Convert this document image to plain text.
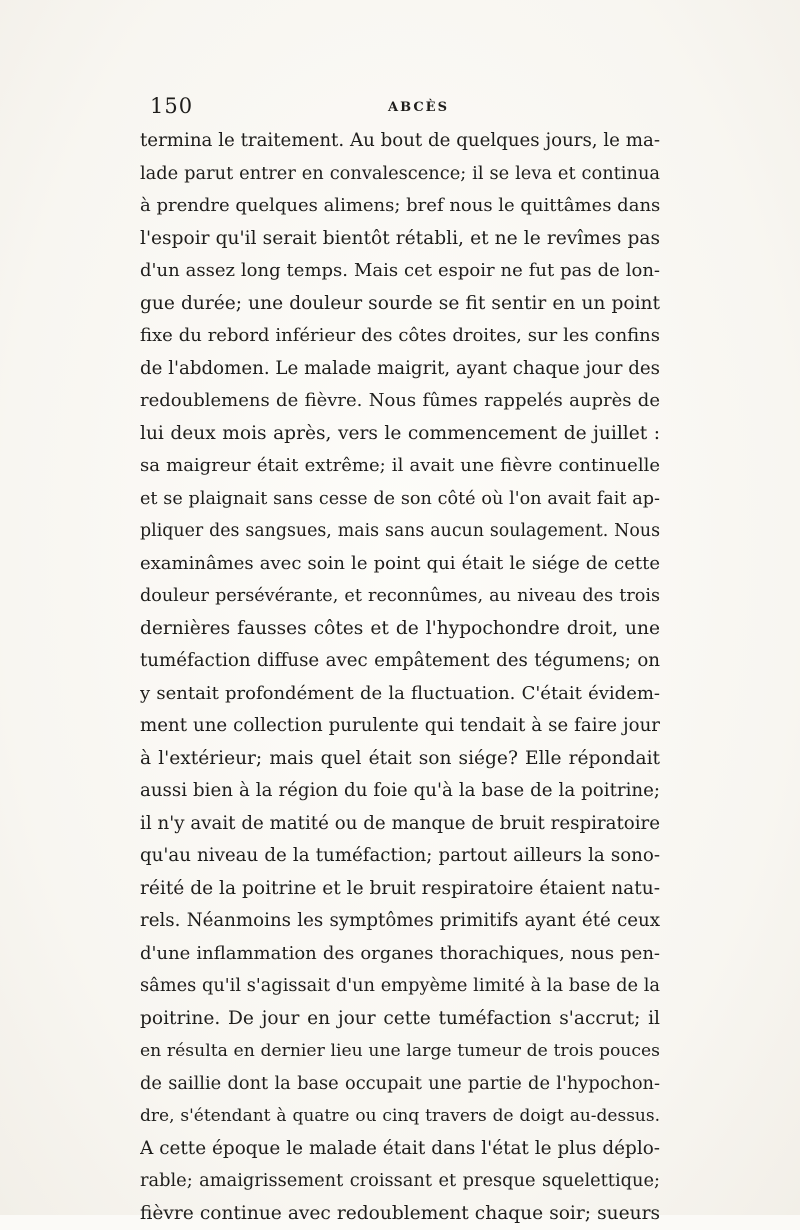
150	ABCÈS
termina le traitement. Au bout de quelques jours, le ma-
lade parut entrer en convalescence; il se leva et continua
à prendre quelques alimens; bref nous le quittâmes dans
l'espoir qu'il serait bientôt rétabli, et ne le revîmes pas
d'un assez long temps. Mais cet espoir ne fut pas de lon-
gue durée; une douleur sourde se fit sentir en un point
fixe du rebord inférieur des côtes droites, sur les confins
de l'abdomen. Le malade maigrit, ayant chaque jour des
redoublemens de fièvre. Nous fûmes rappelés auprès de
lui deux mois après, vers le commencement de juillet :
sa maigreur était extrême; il avait une fièvre continuelle
et se plaignait sans cesse de son côté où l'on avait fait ap-
pliquer des sangsues, mais sans aucun soulagement. Nous
examinâmes avec soin le point qui était le siége de cette
douleur persévérante, et reconnûmes, au niveau des trois
dernières fausses côtes et de l'hypochondre droit, une
tuméfaction diffuse avec empâtement des tégumens; on
y sentait profondément de la fluctuation. C'était évidem-
ment une collection purulente qui tendait à se faire jour
à l'extérieur; mais quel était son siége? Elle répondait
aussi bien à la région du foie qu'à la base de la poitrine;
il n'y avait de matité ou de manque de bruit respiratoire
qu'au niveau de la tuméfaction; partout ailleurs la sono-
réité de la poitrine et le bruit respiratoire étaient natu-
rels. Néanmoins les symptômes primitifs ayant été ceux
d'une inflammation des organes thorachiques, nous pen-
sâmes qu'il s'agissait d'un empyème limité à la base de la
poitrine. De jour en jour cette tuméfaction s'accrut; il
en résulta en dernier lieu une large tumeur de trois pouces
de saillie dont la base occupait une partie de l'hypochon-
dre, s'étendant à quatre ou cinq travers de doigt au-dessus.
A cette époque le malade était dans l'état le plus déplo-
rable; amaigrissement croissant et presque squelettique;
fièvre continue avec redoublement chaque soir; sueurs
